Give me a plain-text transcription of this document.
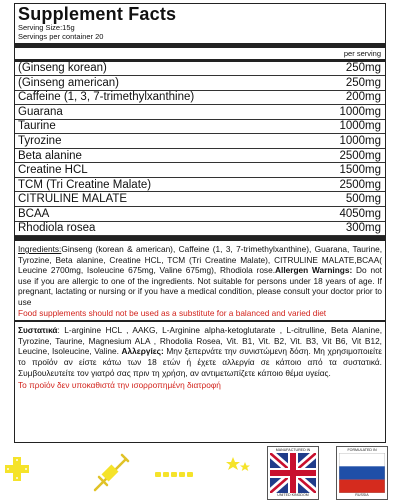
Supplement Facts
Serving Size:15g
Servings per container 20
per serving
(Ginseng korean)	250mg
(Ginseng american)	250mg
Caffeine (1, 3, 7-trimethylxanthine)	200mg
Guarana	1000mg
Taurine	1000mg
Tyrozine	1000mg
Beta alanine	2500mg
Creatine HCL	1500mg
TCM (Tri Creatine Malate)	2500mg
CITRULINE MALATE	500mg
BCAA	4050mg
Rhodiola rosea	300mg
Ingredients:Ginseng (korean & american), Caffeine (1, 3, 7-trimethylxanthine), Guarana, Taurine, Tyrozine, Beta alanine, Creatine HCL, TCM (Tri Creatine Malate), CITRULINE MALATE,BCAA( Leucine 2700mg, Isoleucine 675mg, Valine 675mg), Rhodiola rose.Allergen Warnings: Do not use if you are allergic to one of the ingredients. Not suitable for persons under 18 years of age. If pregnant, lactating or nursing or if you have a medical condition, please consult your doctor prior to use
Food supplements should not be used as a substitute for a balanced and varied diet
Συστατικά: L-arginine HCL , AAKG, L-Arginine alpha-ketoglutarate , L-citrulline, Beta Alanine, Tyrozine, Taurine, Magnesium ALA , Rhodolia Rosea, Vit. B1, Vit. B2, Vit. B3, Vit B6, Vit B12, Leucine, Isoleucine, Valine. Αλλεργίες: Μην ξεπερνάτε την συνιστώμενη δόση. Μη χρησιμοποιείτε το προϊόν αν είστε κάτω των 18 ετών ή έχετε αλλεργία σε κάποιο από τα συστατικά. Συμβουλευτείτε τον γιατρό σας πριν τη χρήση, αν αντιμετωπίζετε κάποιο θέμα υγείας.
Το προϊόν δεν υποκαθιστά την ισορροπημένη διατροφή
MANUFACTURED IN
UNITED KINGDOM
FORMULATED IN
RUSSIA
